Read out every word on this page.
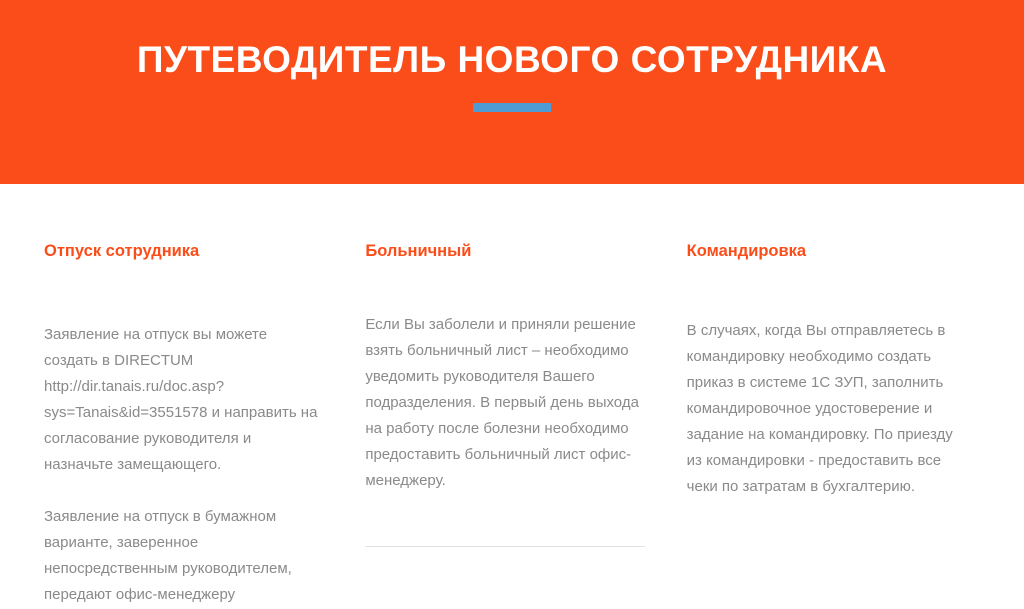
ПУТЕВОДИТЕЛЬ НОВОГО СОТРУДНИКА
Отпуск сотрудника

Заявление на отпуск вы можете создать в DIRECTUM http://dir.tanais.ru/doc.asp?sys=Tanais&id=3551578 и направить на согласование руководителя и назначьте замещающего.

Заявление на отпуск в бумажном варианте, заверенное непосредственным руководителем, передают офис-менеджеру

Больничный

Если Вы заболели и приняли решение взять больничный лист – необходимо уведомить руководителя Вашего подразделения. В первый день выхода на работу после болезни необходимо предоставить больничный лист офис-менеджеру.

Командировка

В случаях, когда Вы отправляетесь в командировку необходимо создать приказ в системе 1С ЗУП, заполнить командировочное удостоверение и задание на командировку. По приезду из командировки - предоставить все чеки по затратам в бухгалтерию.
